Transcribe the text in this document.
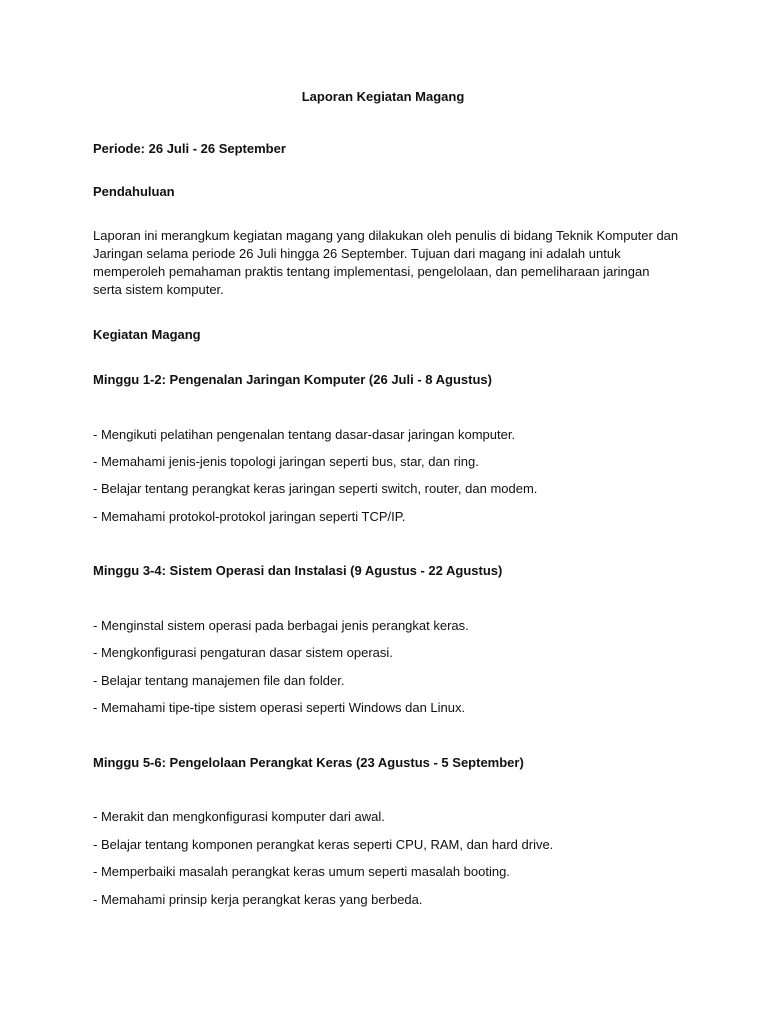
Laporan Kegiatan Magang
Periode: 26 Juli - 26 September
Pendahuluan
Laporan ini merangkum kegiatan magang yang dilakukan oleh penulis di bidang Teknik Komputer dan
Jaringan selama periode 26 Juli hingga 26 September. Tujuan dari magang ini adalah untuk
memperoleh pemahaman praktis tentang implementasi, pengelolaan, dan pemeliharaan jaringan
serta sistem komputer.
Kegiatan Magang
Minggu 1-2: Pengenalan Jaringan Komputer (26 Juli - 8 Agustus)
- Mengikuti pelatihan pengenalan tentang dasar-dasar jaringan komputer.
- Memahami jenis-jenis topologi jaringan seperti bus, star, dan ring.
- Belajar tentang perangkat keras jaringan seperti switch, router, dan modem.
- Memahami protokol-protokol jaringan seperti TCP/IP.
Minggu 3-4: Sistem Operasi dan Instalasi (9 Agustus - 22 Agustus)
- Menginstal sistem operasi pada berbagai jenis perangkat keras.
- Mengkonfigurasi pengaturan dasar sistem operasi.
- Belajar tentang manajemen file dan folder.
- Memahami tipe-tipe sistem operasi seperti Windows dan Linux.
Minggu 5-6: Pengelolaan Perangkat Keras (23 Agustus - 5 September)
- Merakit dan mengkonfigurasi komputer dari awal.
- Belajar tentang komponen perangkat keras seperti CPU, RAM, dan hard drive.
- Memperbaiki masalah perangkat keras umum seperti masalah booting.
- Memahami prinsip kerja perangkat keras yang berbeda.
